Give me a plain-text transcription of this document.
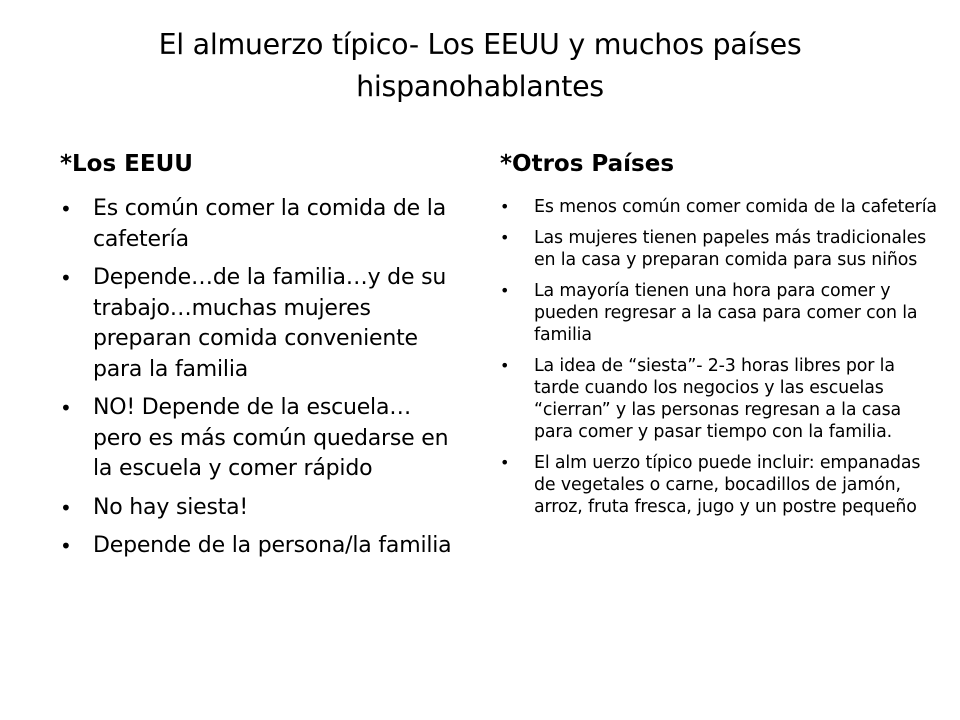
El almuerzo típico- Los EEUU y muchos países hispanohablantes
*Los EEUU	*Otros Países
• Es común comer la comida de la cafetería
• Depende…de la familia…y de su trabajo…muchas mujeres preparan comida conveniente para la familia
• NO! Depende de la escuela…pero es más común quedarse en la escuela y comer rápido
• No hay siesta!
• Depende de la persona/la familia
• Es menos común comer comida de la cafetería
• Las mujeres tienen papeles más tradicionales en la casa y preparan comida para sus niños
• La mayoría tienen una hora para comer y pueden regresar a la casa para comer con la familia
• La idea de “siesta”- 2-3 horas libres por la tarde cuando los negocios y las escuelas “cierran” y las personas regresan a la casa para comer y pasar tiempo con la familia.
• El alm uerzo típico puede incluir: empanadas de vegetales o carne, bocadillos de jamón, arroz, fruta fresca, jugo y un postre pequeño
